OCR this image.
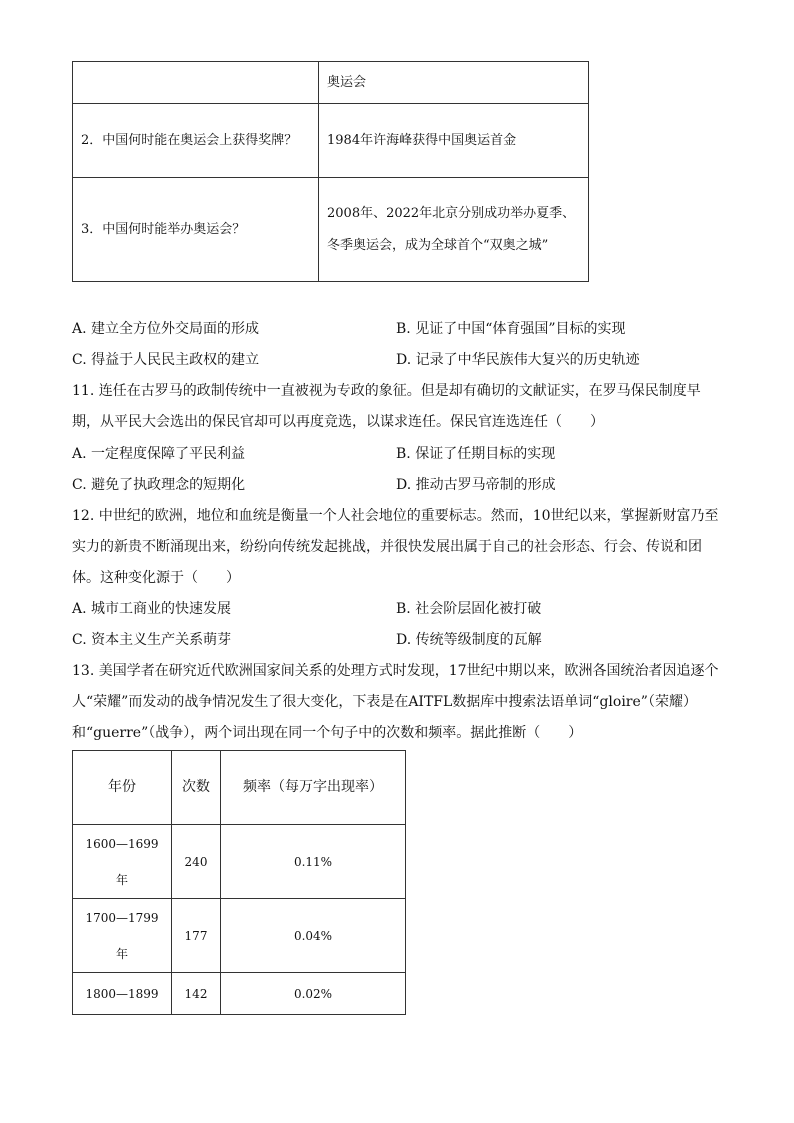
	奥运会
2．中国何时能在奥运会上获得奖牌？	1984年许海峰获得中国奥运首金
3．中国何时能举办奥运会？	2008年、2022年北京分别成功举办夏季、冬季奥运会，成为全球首个“双奥之城”
A. 建立全方位外交局面的形成	B. 见证了中国“体育强国”目标的实现
C. 得益于人民民主政权的建立	D. 记录了中华民族伟大复兴的历史轨迹
11. 连任在古罗马的政制传统中一直被视为专政的象征。但是却有确切的文献证实，在罗马保民制度早期，从平民大会选出的保民官却可以再度竞选，以谋求连任。保民官连选连任（　　）
A. 一定程度保障了平民利益	B. 保证了任期目标的实现
C. 避免了执政理念的短期化	D. 推动古罗马帝制的形成
12. 中世纪的欧洲，地位和血统是衡量一个人社会地位的重要标志。然而，10世纪以来，掌握新财富乃至实力的新贵不断涌现出来，纷纷向传统发起挑战，并很快发展出属于自己的社会形态、行会、传说和团体。这种变化源于（　　）
A. 城市工商业的快速发展	B. 社会阶层固化被打破
C. 资本主义生产关系萌芽	D. 传统等级制度的瓦解
13. 美国学者在研究近代欧洲国家间关系的处理方式时发现，17世纪中期以来，欧洲各国统治者因追逐个人“荣耀”而发动的战争情况发生了很大变化，下表是在AITFL数据库中搜索法语单词“gloire”（荣耀）和“guerre”（战争），两个词出现在同一个句子中的次数和频率。据此推断（　　）
年份	次数	频率（每万字出现率）
1600—1699年	240	0.11%
1700—1799年	177	0.04%
1800—1899	142	0.02%
